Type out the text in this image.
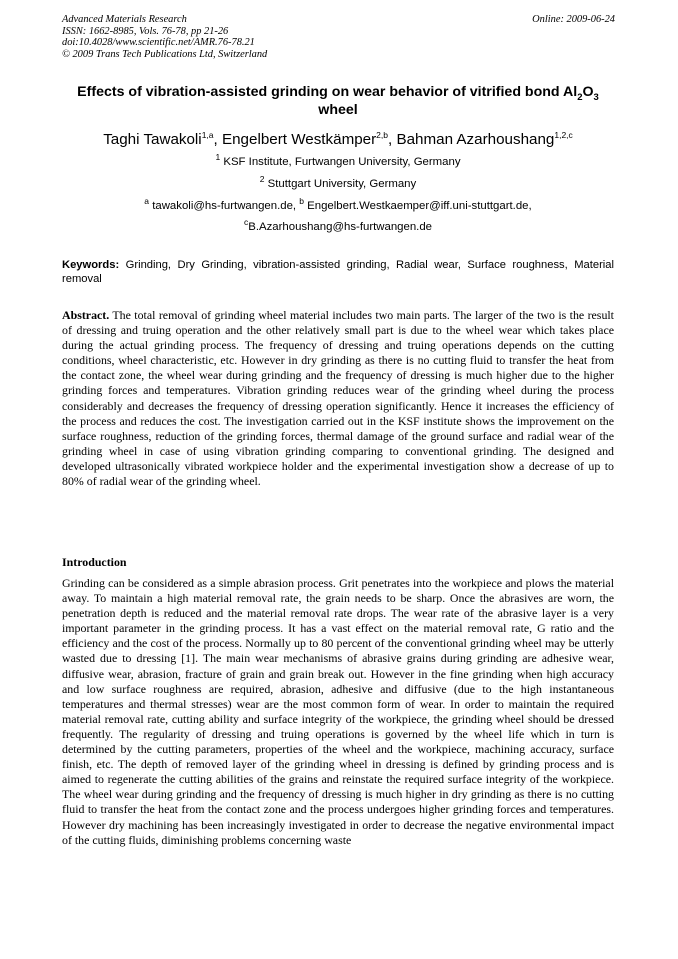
Advanced Materials Research
ISSN: 1662-8985, Vols. 76-78, pp 21-26
doi:10.4028/www.scientific.net/AMR.76-78.21
© 2009 Trans Tech Publications Ltd, Switzerland
Online: 2009-06-24
Effects of vibration-assisted grinding on wear behavior of vitrified bond $Al_2O_3$ wheel
Taghi Tawakoli$^{1,a}$, Engelbert Westkämper$^{2,b}$, Bahman Azarhoushang$^{1,2,c}$
$^1$ KSF Institute, Furtwangen University, Germany
$^2$ Stuttgart University, Germany
$^a$ tawakoli@hs-furtwangen.de, $^b$ Engelbert.Westkaemper@iff.uni-stuttgart.de,
$^c$B.Azarhoushang@hs-furtwangen.de
Keywords: Grinding, Dry Grinding, vibration-assisted grinding, Radial wear, Surface roughness, Material removal
Abstract. The total removal of grinding wheel material includes two main parts. The larger of the two is the result of dressing and truing operation and the other relatively small part is due to the wheel wear which takes place during the actual grinding process. The frequency of dressing and truing operations depends on the cutting conditions, wheel characteristic, etc. However in dry grinding as there is no cutting fluid to transfer the heat from the contact zone, the wheel wear during grinding and the frequency of dressing is much higher due to the higher grinding forces and temperatures. Vibration grinding reduces wear of the grinding wheel during the process considerably and decreases the frequency of dressing operation significantly. Hence it increases the efficiency of the process and reduces the cost. The investigation carried out in the KSF institute shows the improvement on the surface roughness, reduction of the grinding forces, thermal damage of the ground surface and radial wear of the grinding wheel in case of using vibration grinding comparing to conventional grinding. The designed and developed ultrasonically vibrated workpiece holder and the experimental investigation show a decrease of up to 80% of radial wear of the grinding wheel.
Introduction
Grinding can be considered as a simple abrasion process. Grit penetrates into the workpiece and plows the material away. To maintain a high material removal rate, the grain needs to be sharp. Once the abrasives are worn, the penetration depth is reduced and the material removal rate drops. The wear rate of the abrasive layer is a very important parameter in the grinding process. It has a vast effect on the material removal rate, G ratio and the efficiency and the cost of the process. Normally up to 80 percent of the conventional grinding wheel may be utterly wasted due to dressing [1]. The main wear mechanisms of abrasive grains during grinding are adhesive wear, diffusive wear, abrasion, fracture of grain and grain break out. However in the fine grinding when high accuracy and low surface roughness are required, abrasion, adhesive and diffusive (due to the high instantaneous temperatures and thermal stresses) wear are the most common form of wear. In order to maintain the required material removal rate, cutting ability and surface integrity of the workpiece, the grinding wheel should be dressed frequently. The regularity of dressing and truing operations is governed by the wheel life which in turn is determined by the cutting parameters, properties of the wheel and the workpiece, machining accuracy, surface finish, etc. The depth of removed layer of the grinding wheel in dressing is defined by grinding process and is aimed to regenerate the cutting abilities of the grains and reinstate the required surface integrity of the workpiece. The wheel wear during grinding and the frequency of dressing is much higher in dry grinding as there is no cutting fluid to transfer the heat from the contact zone and the process undergoes higher grinding forces and temperatures. However dry machining has been increasingly investigated in order to decrease the negative environmental impact of the cutting fluids, diminishing problems concerning waste
